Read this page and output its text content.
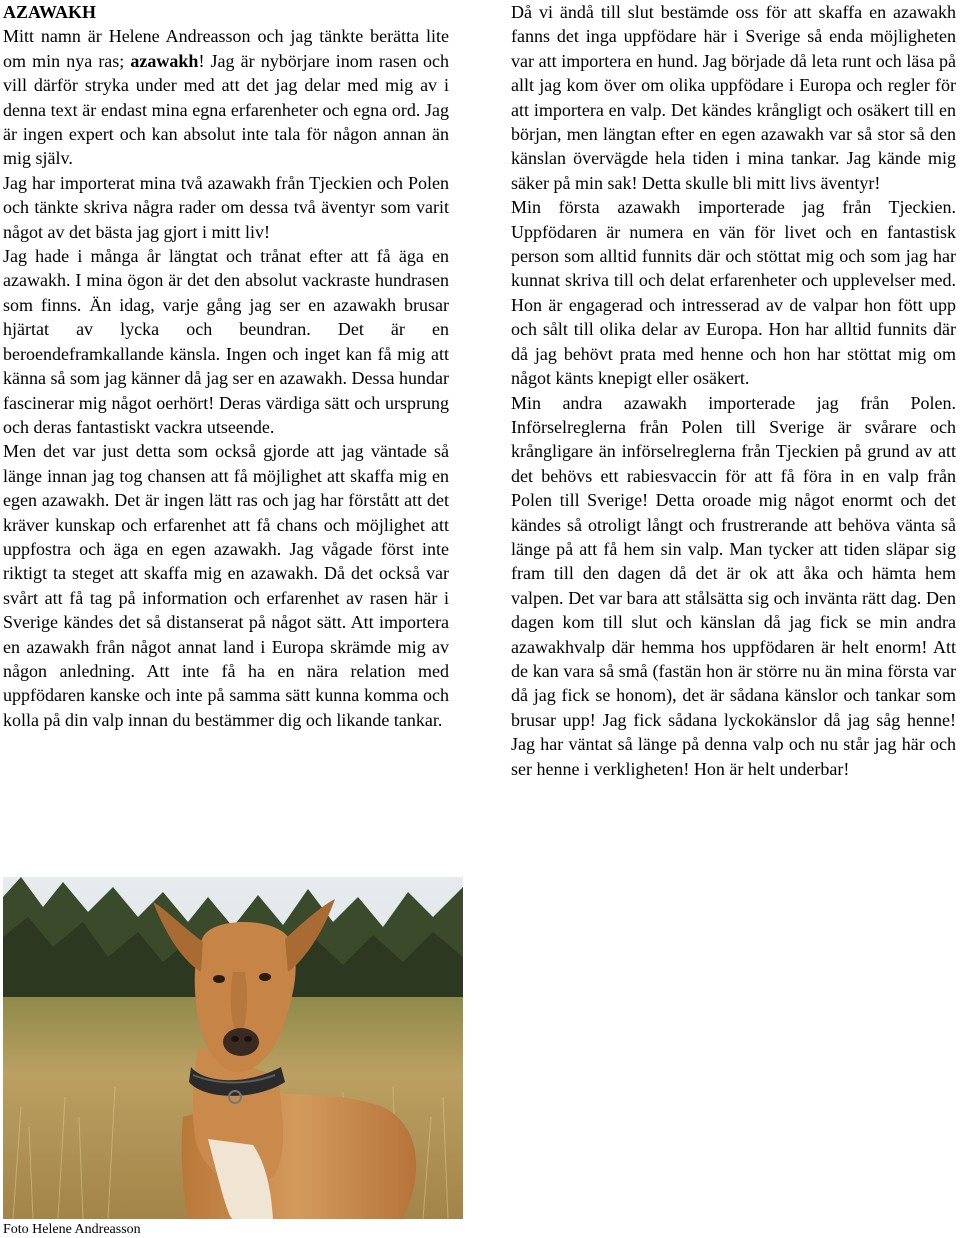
AZAWAKH

Mitt namn är Helene Andreasson och jag tänkte berätta lite om min nya ras; azawakh! Jag är nybörjare inom rasen och vill därför stryka under med att det jag delar med mig av i denna text är endast mina egna erfarenheter och egna ord. Jag är ingen expert och kan absolut inte tala för någon annan än mig själv.

Jag har importerat mina två azawakh från Tjeckien och Polen och tänkte skriva några rader om dessa två äventyr som varit något av det bästa jag gjort i mitt liv!

Jag hade i många år längtat och trånat efter att få äga en azawakh. I mina ögon är det den absolut vackraste hundrasen som finns. Än idag, varje gång jag ser en azawakh brusar hjärtat av lycka och beundran. Det är en beroendeframkallande känsla. Ingen och inget kan få mig att känna så som jag känner då jag ser en azawakh. Dessa hundar fascinerar mig något oerhört! Deras värdiga sätt och ursprung och deras fantastiskt vackra utseende.

Men det var just detta som också gjorde att jag väntade så länge innan jag tog chansen att få möjlighet att skaffa mig en egen azawakh. Det är ingen lätt ras och jag har förstått att det kräver kunskap och erfarenhet att få chans och möjlighet att uppfostra och äga en egen azawakh. Jag vågade först inte riktigt ta steget att skaffa mig en azawakh. Då det också var svårt att få tag på information och erfarenhet av rasen här i Sverige kändes det så distanserat på något sätt. Att importera en azawakh från något annat land i Europa skrämde mig av någon anledning. Att inte få ha en nära relation med uppfödaren kanske och inte på samma sätt kunna komma och kolla på din valp innan du bestämmer dig och likande tankar.

Då vi ändå till slut bestämde oss för att skaffa en azawakh fanns det inga uppfödare här i Sverige så enda möjligheten var att importera en hund. Jag började då leta runt och läsa på allt jag kom över om olika uppfödare i Europa och regler för att importera en valp. Det kändes krångligt och osäkert till en början, men längtan efter en egen azawakh var så stor så den känslan övervägde hela tiden i mina tankar. Jag kände mig säker på min sak! Detta skulle bli mitt livs äventyr!

Min första azawakh importerade jag från Tjeckien. Uppfödaren är numera en vän för livet och en fantastisk person som alltid funnits där och stöttat mig och som jag har kunnat skriva till och delat erfarenheter och upplevelser med. Hon är engagerad och intresserad av de valpar hon fött upp och sålt till olika delar av Europa. Hon har alltid funnits där då jag behövt prata med henne och hon har stöttat mig om något känts knepigt eller osäkert.

Min andra azawakh importerade jag från Polen. Införselreglerna från Polen till Sverige är svårare och krångligare än införselreglerna från Tjeckien på grund av att det behövs ett rabiesvaccin för att få föra in en valp från Polen till Sverige! Detta oroade mig något enormt och det kändes så otroligt långt och frustrerande att behöva vänta så länge på att få hem sin valp. Man tycker att tiden släpar sig fram till den dagen då det är ok att åka och hämta hem valpen. Det var bara att stålsätta sig och invänta rätt dag. Den dagen kom till slut och känslan då jag fick se min andra azawakhvalp där hemma hos uppfödaren är helt enorm! Att de kan vara så små (fastän hon är större nu än mina första var då jag fick se honom), det är sådana känslor och tankar som brusar upp! Jag fick sådana lyckokänslor då jag såg henne! Jag har väntat så länge på denna valp och nu står jag här och ser henne i verkligheten! Hon är helt underbar!

Foto Helene Andreasson
